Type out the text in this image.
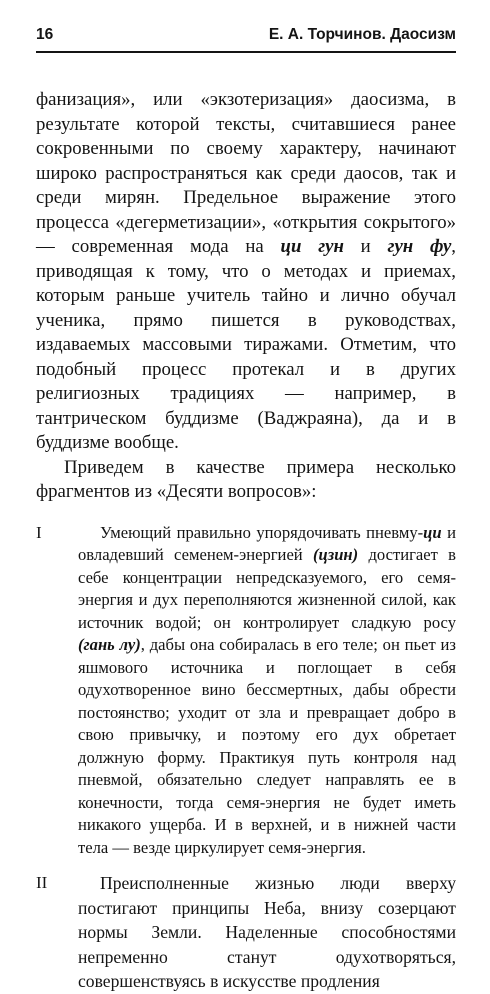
16	Е. А. Торчинов. Даосизм

фанизация», или «экзотеризация» даосизма, в результате которой тексты, считавшиеся ранее сокровенными по своему характеру, начинают широко распространяться как среди даосов, так и среди мирян. Предельное выражение этого процесса «дегерметизации», «открытия сокрытого» — современная мода на ци гун и гун фу, приводящая к тому, что о методах и приемах, которым раньше учитель тайно и лично обучал ученика, прямо пишется в руководствах, издаваемых массовыми тиражами. Отметим, что подобный процесс протекал и в других религиозных традициях — например, в тантрическом буддизме (Ваджраяна), да и в буддизме вообще.

Приведем в качестве примера несколько фрагментов из «Десяти вопросов»:

I	Умеющий правильно упорядочивать пневму-ци и овладевший семенем-энергией (цзин) достигает в себе концентрации непредсказуемого, его семя-энергия и дух переполняются жизненной силой, как источник водой; он контролирует сладкую росу (гань лу), дабы она собиралась в его теле; он пьет из яшмового источника и поглощает в себя одухотворенное вино бессмертных, дабы обрести постоянство; уходит от зла и превращает добро в свою привычку, и поэтому его дух обретает должную форму. Практикуя путь контроля над пневмой, обязательно следует направлять ее в конечности, тогда семя-энергия не будет иметь никакого ущерба. И в верхней, и в нижней части тела — везде циркулирует семя-энергия.

II	Преисполненные жизнью люди вверху постигают принципы Неба, внизу созерцают нормы Земли. Наделенные способностями непременно станут одухотворяться, совершенствуясь в искусстве продления
